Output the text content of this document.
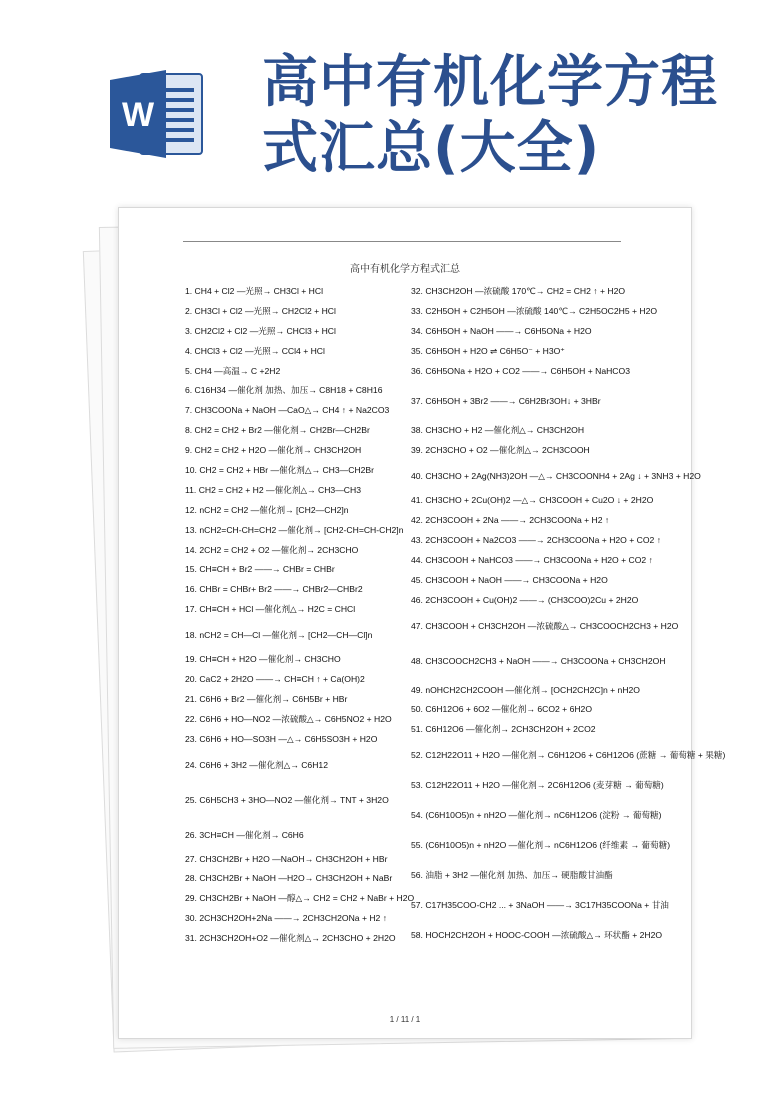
W 高中有机化学方程式汇总(大全)
高中有机化学方程式汇总
1. CH4 + Cl2 —光照→ CH3Cl + HCl
2. CH3Cl + Cl2 —光照→ CH2Cl2 + HCl
3. CH2Cl2 + Cl2 —光照→ CHCl3 + HCl
4. CHCl3 + Cl2 —光照→ CCl4 + HCl
5. CH4 —高温→ C +2H2
6. C16H34 —催化剂 加热、加压→ C8H18 + C8H16
7. CH3COONa + NaOH —CaO△→ CH4 ↑ + Na2CO3
8. CH2 = CH2 + Br2 —催化剂→ CH2Br—CH2Br
9. CH2 = CH2 + H2O —催化剂→ CH3CH2OH
10. CH2 = CH2 + HBr —催化剂△→ CH3—CH2Br
11. CH2 = CH2 + H2 —催化剂△→ CH3—CH3
12. nCH2 = CH2 —催化剂→ [CH2—CH2]n
13. nCH2=CH-CH=CH2 —催化剂→ [CH2-CH=CH-CH2]n
14. 2CH2 = CH2 + O2 —催化剂→ 2CH3CHO
15. CH≡CH + Br2 ——→ CHBr = CHBr
16. CHBr = CHBr+ Br2 ——→ CHBr2—CHBr2
17. CH≡CH + HCl —催化剂△→ H2C = CHCl
18. nCH2 = CH—Cl —催化剂→ [CH2—CH—Cl]n
19. CH≡CH + H2O —催化剂→ CH3CHO
20. CaC2 + 2H2O ——→ CH≡CH ↑ + Ca(OH)2
21. C6H6 + Br2 —催化剂→ C6H5Br + HBr
22. C6H6 + HO—NO2 —浓硫酸△→ C6H5NO2 + H2O
23. C6H6 + HO—SO3H —△→ C6H5SO3H + H2O
24. C6H6 + 3H2 —催化剂△→ C6H12
25. C6H5CH3 + 3HO—NO2 —催化剂→ TNT + 3H2O
26. 3CH≡CH —催化剂→ C6H6
27. CH3CH2Br + H2O —NaOH→ CH3CH2OH + HBr
28. CH3CH2Br + NaOH —H2O→ CH3CH2OH + NaBr
29. CH3CH2Br + NaOH —醇△→ CH2 = CH2 + NaBr + H2O
30. 2CH3CH2OH+2Na ——→ 2CH3CH2ONa + H2 ↑
31. 2CH3CH2OH+O2 —催化剂△→ 2CH3CHO + 2H2O
32. CH3CH2OH —浓硫酸 170℃→ CH2 = CH2 ↑ + H2O
33. C2H5OH + C2H5OH —浓硫酸 140℃→ C2H5OC2H5 + H2O
34. C6H5OH + NaOH ——→ C6H5ONa + H2O
35. C6H5OH + H2O ⇌ C6H5O⁻ + H3O⁺
36. C6H5ONa + H2O + CO2 ——→ C6H5OH + NaHCO3
37. C6H5OH + 3Br2 ——→ C6H2Br3OH↓ + 3HBr
38. CH3CHO + H2 —催化剂△→ CH3CH2OH
39. 2CH3CHO + O2 —催化剂△→ 2CH3COOH
40. CH3CHO + 2Ag(NH3)2OH —△→ CH3COONH4 + 2Ag ↓ + 3NH3 + H2O
41. CH3CHO + 2Cu(OH)2 —△→ CH3COOH + Cu2O ↓ + 2H2O
42. 2CH3COOH + 2Na ——→ 2CH3COONa + H2 ↑
43. 2CH3COOH + Na2CO3 ——→ 2CH3COONa + H2O + CO2 ↑
44. CH3COOH + NaHCO3 ——→ CH3COONa + H2O + CO2 ↑
45. CH3COOH + NaOH ——→ CH3COONa + H2O
46. 2CH3COOH + Cu(OH)2 ——→ (CH3COO)2Cu + 2H2O
47. CH3COOH + CH3CH2OH —浓硫酸△→ CH3COOCH2CH3 + H2O
48. CH3COOCH2CH3 + NaOH ——→ CH3COONa + CH3CH2OH
49. nOHCH2CH2COOH —催化剂→ [OCH2CH2C]n + nH2O
50. C6H12O6 + 6O2 —催化剂→ 6CO2 + 6H2O
51. C6H12O6 —催化剂→ 2CH3CH2OH + 2CO2
52. C12H22O11 + H2O —催化剂→ C6H12O6 + C6H12O6 (蔗糖 → 葡萄糖 + 果糖)
53. C12H22O11 + H2O —催化剂→ 2C6H12O6 (麦芽糖 → 葡萄糖)
54. (C6H10O5)n + nH2O —催化剂→ nC6H12O6 (淀粉 → 葡萄糖)
55. (C6H10O5)n + nH2O —催化剂→ nC6H12O6 (纤维素 → 葡萄糖)
56. 油脂 + 3H2 —催化剂 加热、加压→ 硬脂酸甘油酯
57. C17H35COO-CH2 ... + 3NaOH ——→ 3C17H35COONa + 甘油
58. HOCH2CH2OH + HOOC-COOH —浓硫酸△→ 环状酯 + 2H2O
1 / 11 / 1
